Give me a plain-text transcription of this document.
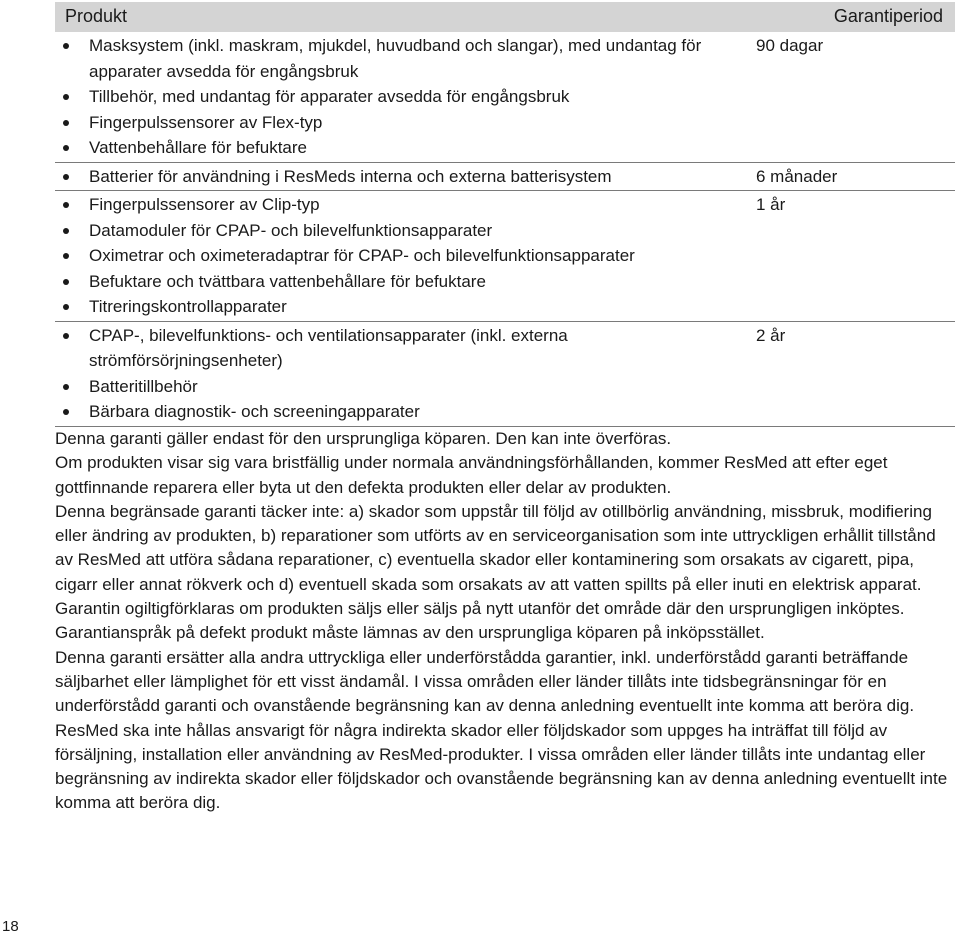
Produkt	Garantiperiod
Masksystem (inkl. maskram, mjukdel, huvudband och slangar), med undantag för apparater avsedda för engångsbruk
Tillbehör, med undantag för apparater avsedda för engångsbruk
Fingerpulssensorer av Flex-typ
Vattenbehållare för befuktare
90 dagar
Batterier för användning i ResMeds interna och externa batterisystem	6 månader
Fingerpulssensorer av Clip-typ
Datamoduler för CPAP- och bilevelfunktionsapparater
Oximetrar och oximeteradaptrar för CPAP- och bilevelfunktionsapparater
Befuktare och tvättbara vattenbehållare för befuktare
Titreringskontrollapparater
1 år
CPAP-, bilevelfunktions- och ventilationsapparater (inkl. externa strömförsörjningsenheter)
Batteritillbehör
Bärbara diagnostik- och screeningapparater
2 år

Denna garanti gäller endast för den ursprungliga köparen. Den kan inte överföras.

Om produkten visar sig vara bristfällig under normala användningsförhållanden, kommer ResMed att efter eget gottfinnande reparera eller byta ut den defekta produkten eller delar av produkten.

Denna begränsade garanti täcker inte: a) skador som uppstår till följd av otillbörlig användning, missbruk, modifiering eller ändring av produkten, b) reparationer som utförts av en serviceorganisation som inte uttryckligen erhållit tillstånd av ResMed att utföra sådana reparationer, c) eventuella skador eller kontaminering som orsakats av cigarett, pipa, cigarr eller annat rökverk och d) eventuell skada som orsakats av att vatten spillts på eller inuti en elektrisk apparat.

Garantin ogiltigförklaras om produkten säljs eller säljs på nytt utanför det område där den ursprungligen inköptes.

Garantianspråk på defekt produkt måste lämnas av den ursprungliga köparen på inköpsstället.

Denna garanti ersätter alla andra uttryckliga eller underförstådda garantier, inkl. underförstådd garanti beträffande säljbarhet eller lämplighet för ett visst ändamål. I vissa områden eller länder tillåts inte tidsbegränsningar för en underförstådd garanti och ovanstående begränsning kan av denna anledning eventuellt inte komma att beröra dig.

ResMed ska inte hållas ansvarigt för några indirekta skador eller följdskador som uppges ha inträffat till följd av försäljning, installation eller användning av ResMed-produkter. I vissa områden eller länder tillåts inte undantag eller begränsning av indirekta skador eller följdskador och ovanstående begränsning kan av denna anledning eventuellt inte komma att beröra dig.

18
